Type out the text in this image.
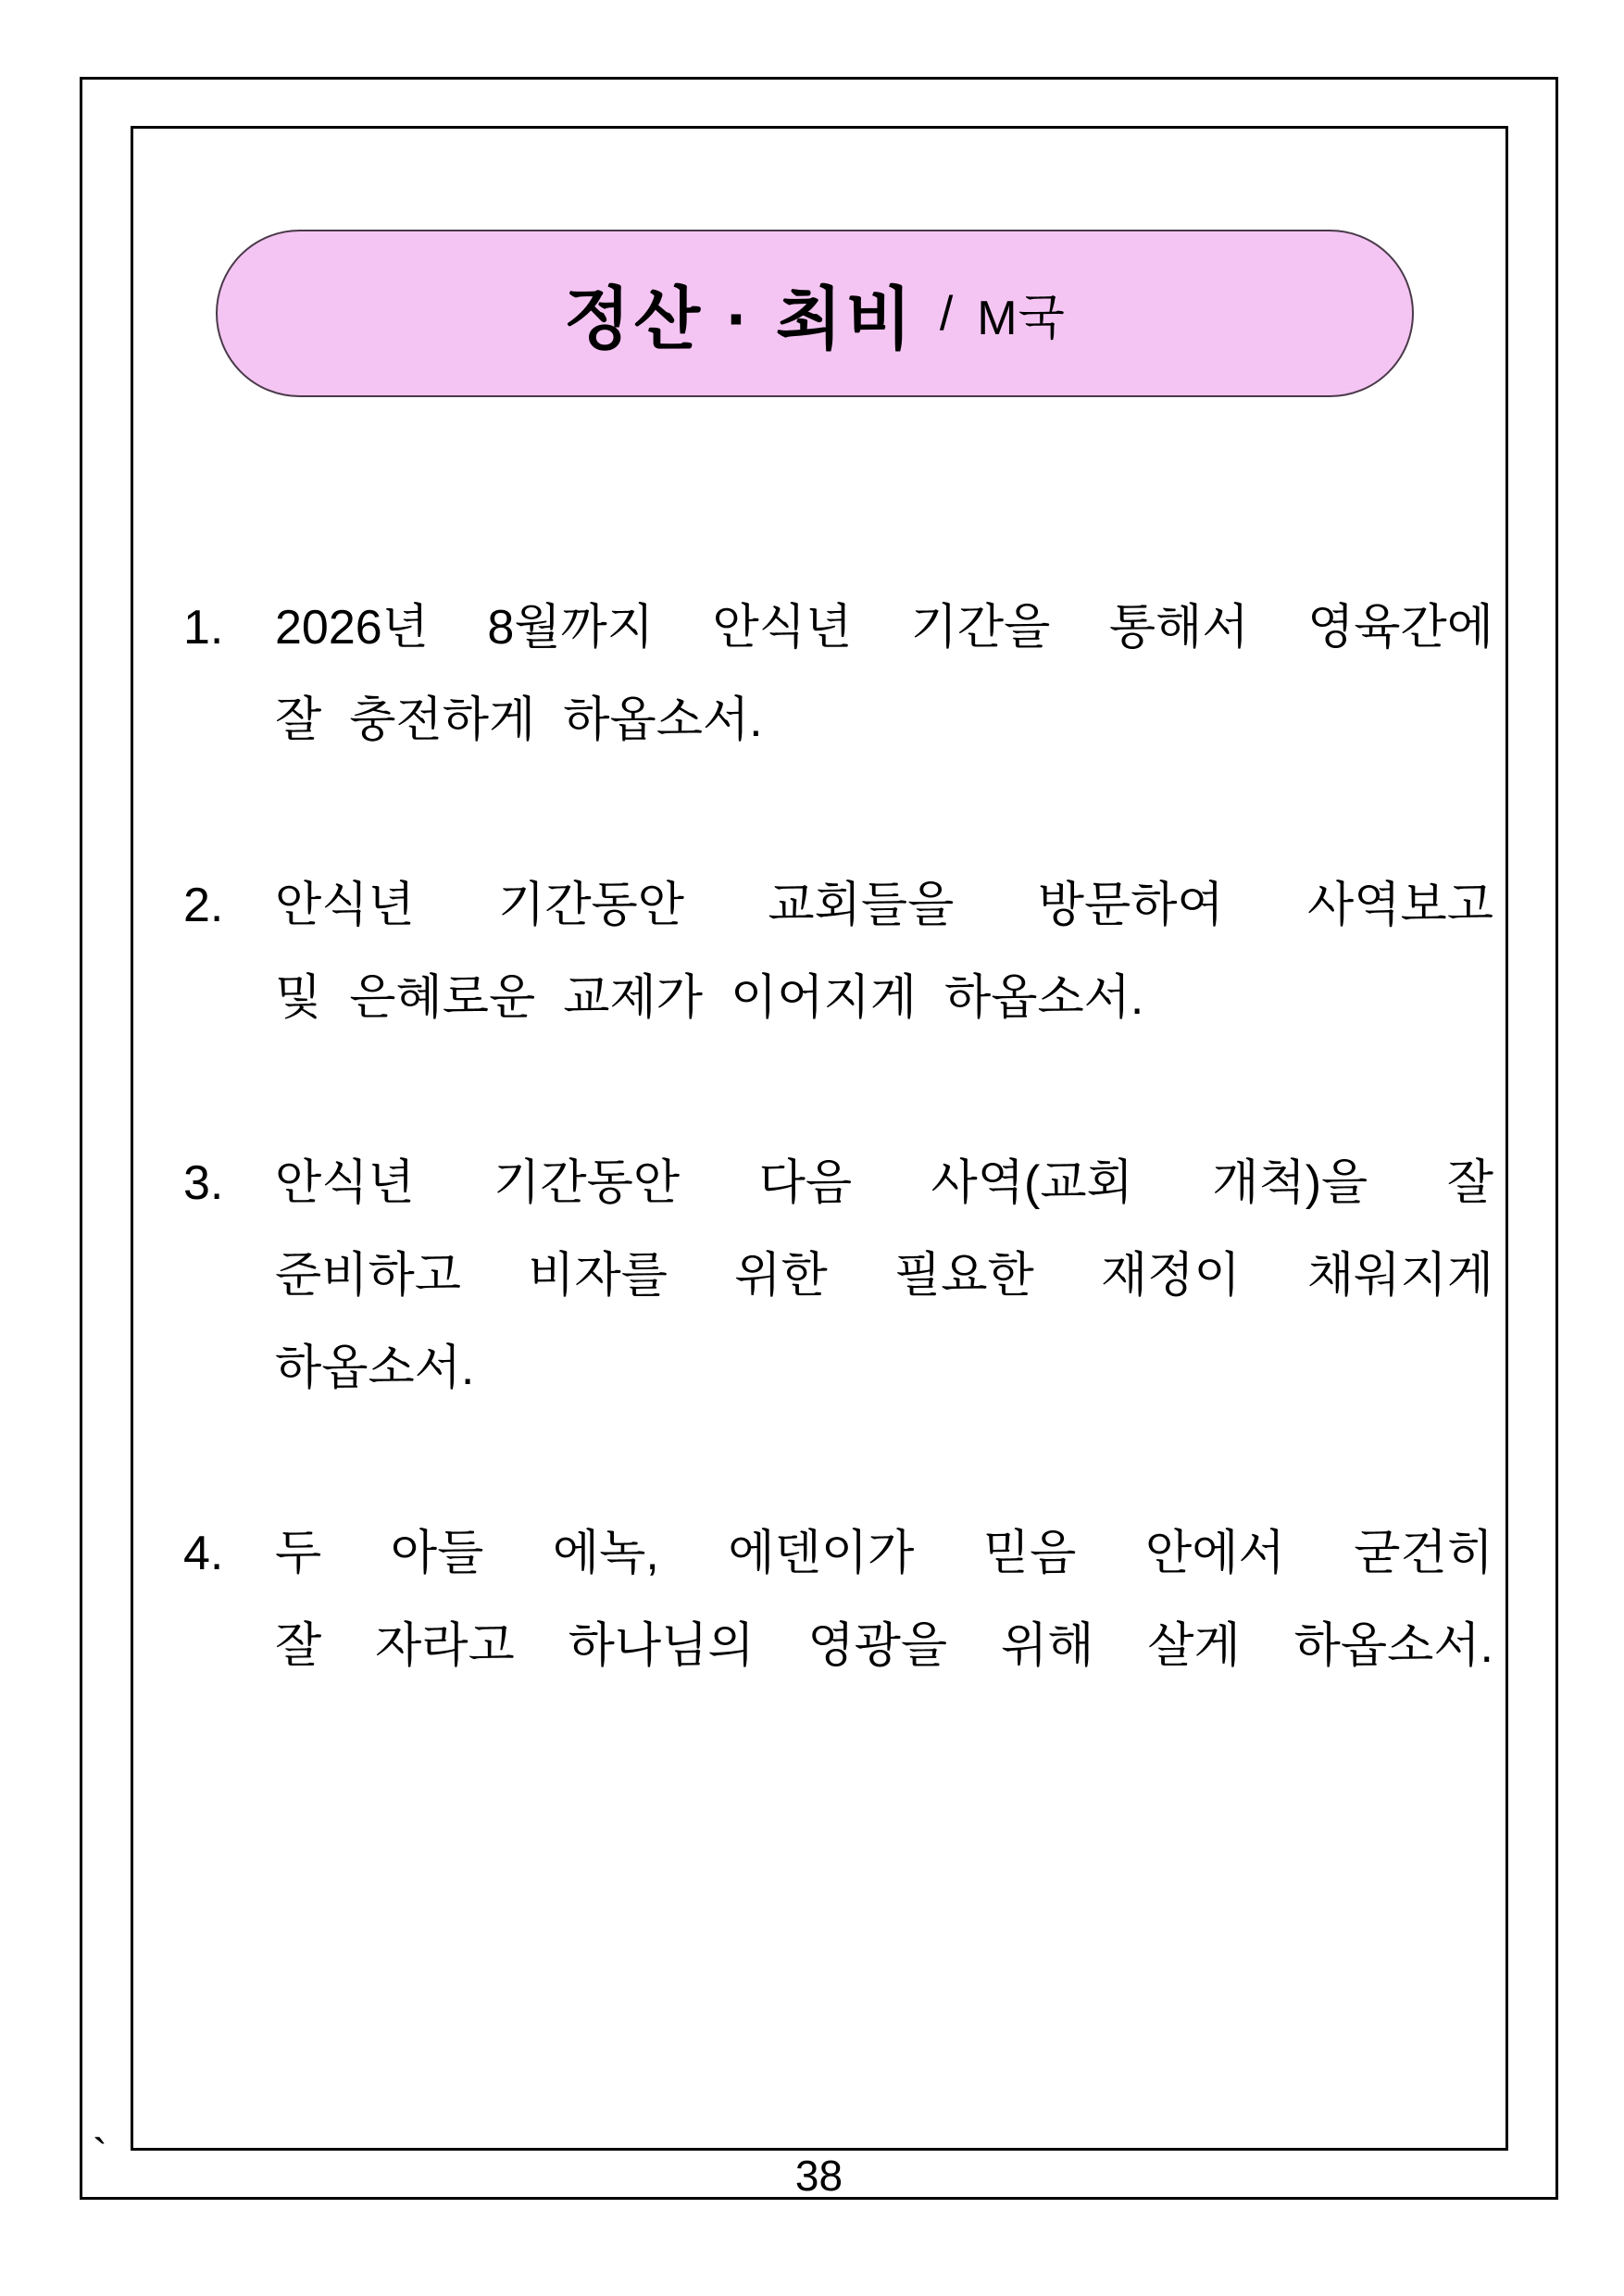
정산 · 최비 / M국
1.	2026년 8월까지 안식년 기간을 통해서 영육간에
잘 충전하게 하옵소서.
2.	안식년 기간동안 교회들을 방문하여 사역보고
및 은혜로운 교제가 이어지게 하옵소서.
3.	안식년 기간동안 다음 사역(교회 개척)을 잘
준비하고 비자를 위한 필요한 재정이 채워지게
하옵소서.
4.	두 아들 에녹, 에덴이가 믿음 안에서 굳건히
잘 자라고 하나님의 영광을 위해 살게 하옵소서.
38
`
